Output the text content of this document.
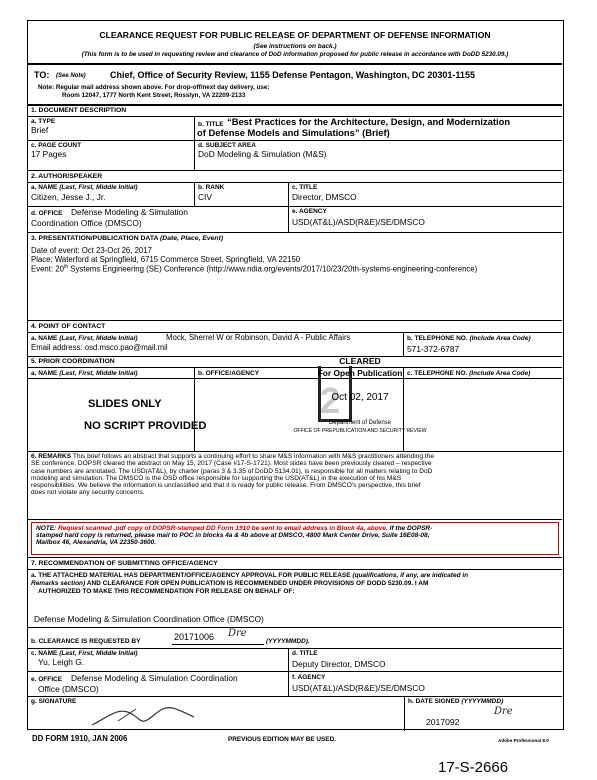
CLEARANCE REQUEST FOR PUBLIC RELEASE OF DEPARTMENT OF DEFENSE INFORMATION
(See instructions on back.)
(This form is to be used in requesting review and clearance of DoD information proposed for public release in accordance with DoDD 5230.09.)
TO: (See Note)	Chief, Office of Security Review, 1155 Defense Pentagon, Washington, DC 20301-1155
Note: Regular mail address shown above. For drop-off/next day delivery, use:
Room 12047, 1777 North Kent Street, Rosslyn, VA 22209-2133
1. DOCUMENT DESCRIPTION
a. TYPE
Brief
b. TITLE “Best Practices for the Architecture, Design, and Modernization
of Defense Models and Simulations” (Brief)
c. PAGE COUNT
17 Pages
d. SUBJECT AREA
DoD Modeling & Simulation (M&S)
2. AUTHOR/SPEAKER
a. NAME (Last, First, Middle Initial)
Citizen, Jesse J., Jr.
b. RANK
CIV
c. TITLE
Director, DMSCO
d. OFFICE Defense Modeling & Simulation
Coordination Office (DMSCO)
e. AGENCY
USD(AT&L)/ASD(R&E)/SE/DMSCO
3. PRESENTATION/PUBLICATION DATA (Date, Place, Event)
Date of event: Oct 23-Oct 26, 2017
Place: Waterford at Springfield, 6715 Commerce Street, Springfield, VA 22150
Event: 20th Systems Engineering (SE) Conference (http://www.ndia.org/events/2017/10/23/20th-systems-engineering-conference)
4. POINT OF CONTACT
a. NAME (Last, First, Middle Initial)	Mock, Sherrel W or Robinson, David A - Public Affairs
Email address: osd.msco.pao@mail.mil
b. TELEPHONE NO. (Include Area Code)
571-372-6787
5. PRIOR COORDINATION
a. NAME (Last, First, Middle Initial)	b. OFFICE/AGENCY	c. TELEPHONE NO. (Include Area Code)
2
CLEARED
For Open Publication
Oct 02, 2017
Department of Defense
OFFICE OF PREPUBLICATION AND SECURITY REVIEW
SLIDES ONLY
NO SCRIPT PROVIDED
6. REMARKS This brief follows an abstract that supports a continuing effort to share M&S information with M&S practitioners attending the
SE conference. DOPSR cleared the abstract on May 15, 2017 (Case #17-S-1721). Most slides have been previously cleared – respective
case numbers are annotated. The USD(AT&L), by charter (paras 3 & 3.35 of DoDD 5134.01), is responsible for all matters relating to DoD
modeling and simulation. The DMSCO is the OSD office responsible for supporting the USD(AT&L) in the execution of his M&S
responsibilities. We believe the information is unclassified and that it is ready for public release. From DMSCO's perspective, this brief
does not violate any security concerns.
NOTE: Request scanned .pdf copy of DOPSR-stamped DD Form 1910 be sent to email address in Block 4a, above. If the DOPSR-
stamped hard copy is returned, please mail to POC in blocks 4a & 4b above at DMSCO, 4800 Mark Center Drive, Suite 16E08-08,
Mailbox 46, Alexandria, VA 22350-3600.
7. RECOMMENDATION OF SUBMITTING OFFICE/AGENCY
a. THE ATTACHED MATERIAL HAS DEPARTMENT/OFFICE/AGENCY APPROVAL FOR PUBLIC RELEASE (qualifications, if any, are indicated in
Remarks section) AND CLEARANCE FOR OPEN PUBLICATION IS RECOMMENDED UNDER PROVISIONS OF DODD 5230.09. I AM
AUTHORIZED TO MAKE THIS RECOMMENDATION FOR RELEASE ON BEHALF OF:
Defense Modeling & Simulation Coordination Office (DMSCO)
b. CLEARANCE IS REQUESTED BY	20171006 Dre
(YYYYMMDD).
c. NAME (Last, First, Middle Initial)
Yu, Leigh G.
d. TITLE
Deputy Director, DMSCO
e. OFFICE Defense Modeling & Simulation Coordination
Office (DMSCO)
f. AGENCY
USD(AT&L)/ASD(R&E)/SE/DMSCO
g. SIGNATURE	h. DATE SIGNED (YYYYMMDD)
2017092
Dre
DD FORM 1910, JAN 2006	PREVIOUS EDITION MAY BE USED.	Adobe Professional 8.0
17-S-2666
